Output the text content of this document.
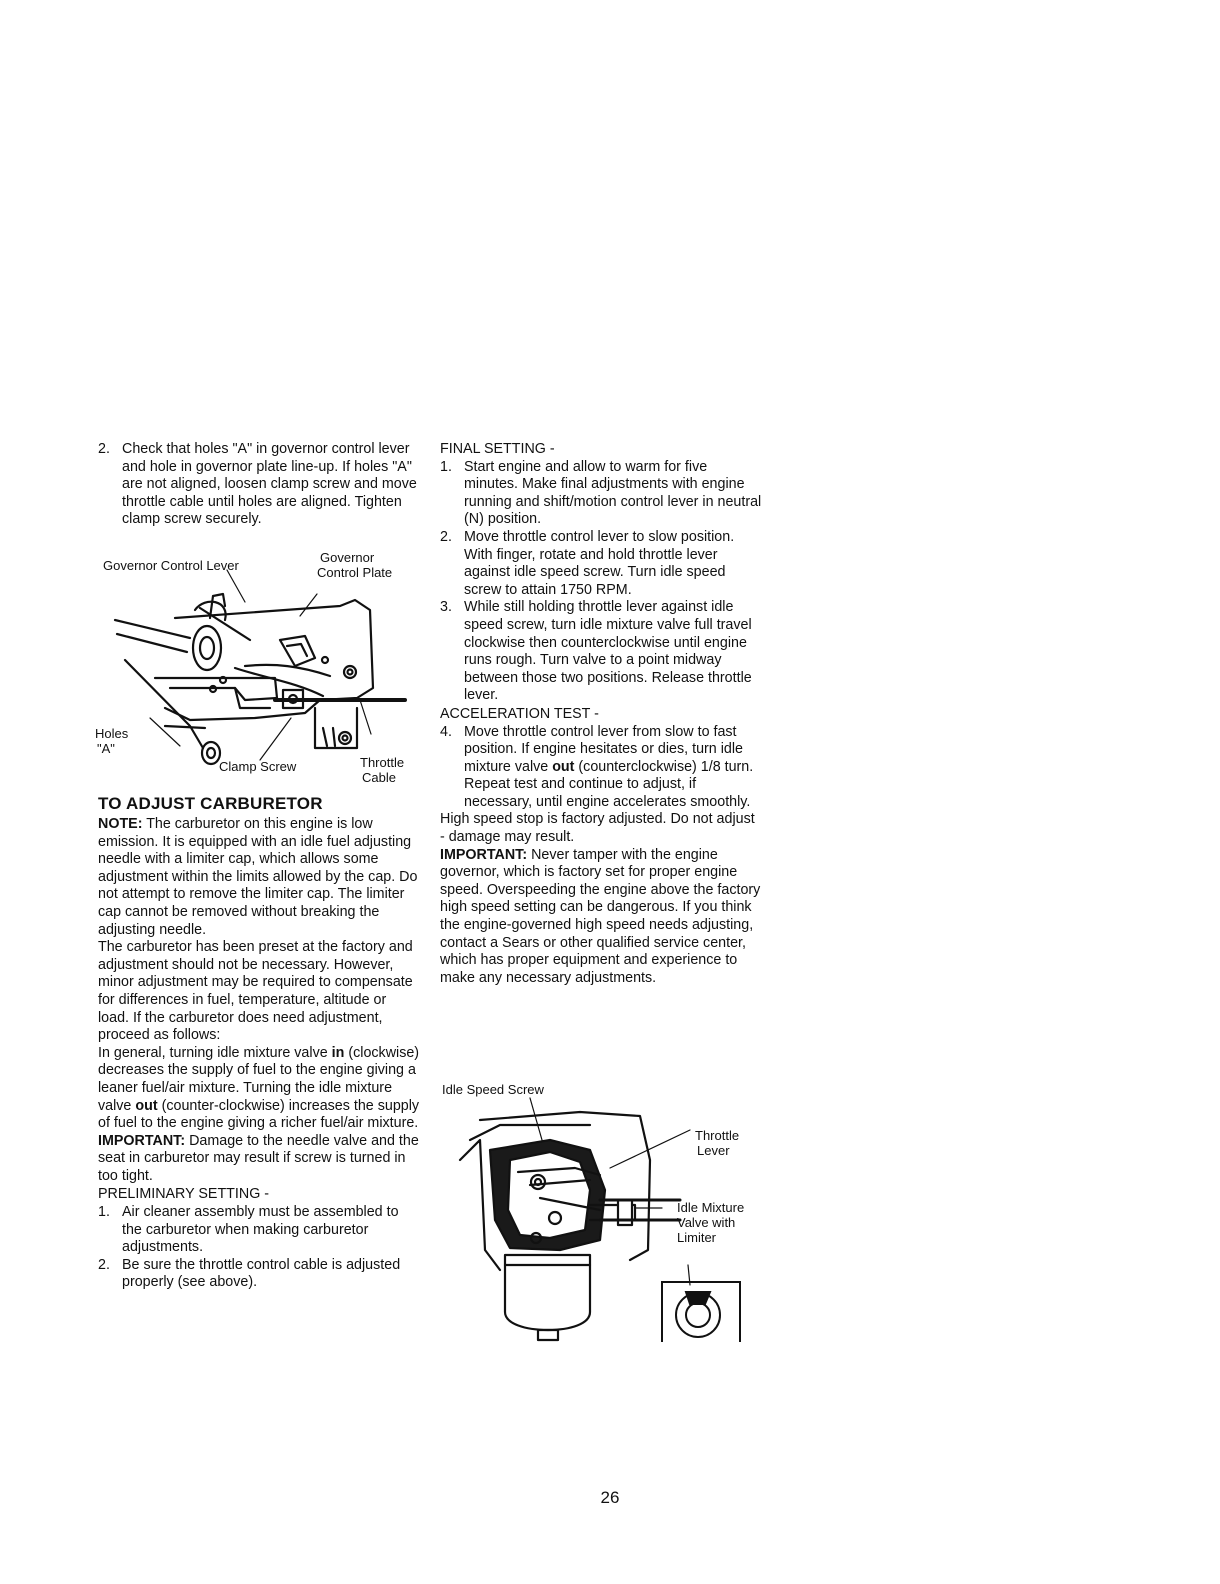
2. Check that holes "A" in governor control lever and hole in governor plate line-up. If holes "A" are not aligned, loosen clamp screw and move throttle cable until holes are aligned. Tighten clamp screw securely.
Governor Control Lever
Governor
Control Plate
Holes
"A"
Clamp Screw	Throttle
Cable
TO ADJUST CARBURETOR

NOTE: The carburetor on this engine is low emission. It is equipped with an idle fuel adjusting needle with a limiter cap, which allows some adjustment within the limits allowed by the cap. Do not attempt to remove the limiter cap. The limiter cap cannot be removed without breaking the adjusting needle.

The carburetor has been preset at the factory and adjustment should not be necessary. However, minor adjustment may be required to compensate for differences in fuel, temperature, altitude or load. If the carburetor does need adjustment, proceed as follows:

In general, turning idle mixture valve in (clockwise) decreases the supply of fuel to the engine giving a leaner fuel/air mixture. Turning the idle mixture valve out (counter-clockwise) increases the supply of fuel to the engine giving a richer fuel/air mixture.

IMPORTANT: Damage to the needle valve and the seat in carburetor may result if screw is turned in too tight.

PRELIMINARY SETTING -
1. Air cleaner assembly must be assembled to the carburetor when making carburetor adjustments.
2. Be sure the throttle control cable is adjusted properly (see above).
FINAL SETTING -
1. Start engine and allow to warm for five minutes. Make final adjustments with engine running and shift/motion control lever in neutral (N) position.
2. Move throttle control lever to slow position. With finger, rotate and hold throttle lever against idle speed screw. Turn idle speed screw to attain 1750 RPM.
3. While still holding throttle lever against idle speed screw, turn idle mixture valve full travel clockwise then counterclockwise until engine runs rough. Turn valve to a point midway between those two positions. Release throttle lever.
ACCELERATION TEST -
4. Move throttle control lever from slow to fast position. If engine hesitates or dies, turn idle mixture valve out (counterclockwise) 1/8 turn. Repeat test and continue to adjust, if necessary, until engine accelerates smoothly.

High speed stop is factory adjusted. Do not adjust - damage may result.

IMPORTANT: Never tamper with the engine governor, which is factory set for proper engine speed. Overspeeding the engine above the factory high speed setting can be dangerous. If you think the engine-governed high speed needs adjusting, contact a Sears or other qualified service center, which has proper equipment and experience to make any necessary adjustments.

Idle Speed Screw
Throttle
Lever
Idle Mixture
Valve with
Limiter
26
